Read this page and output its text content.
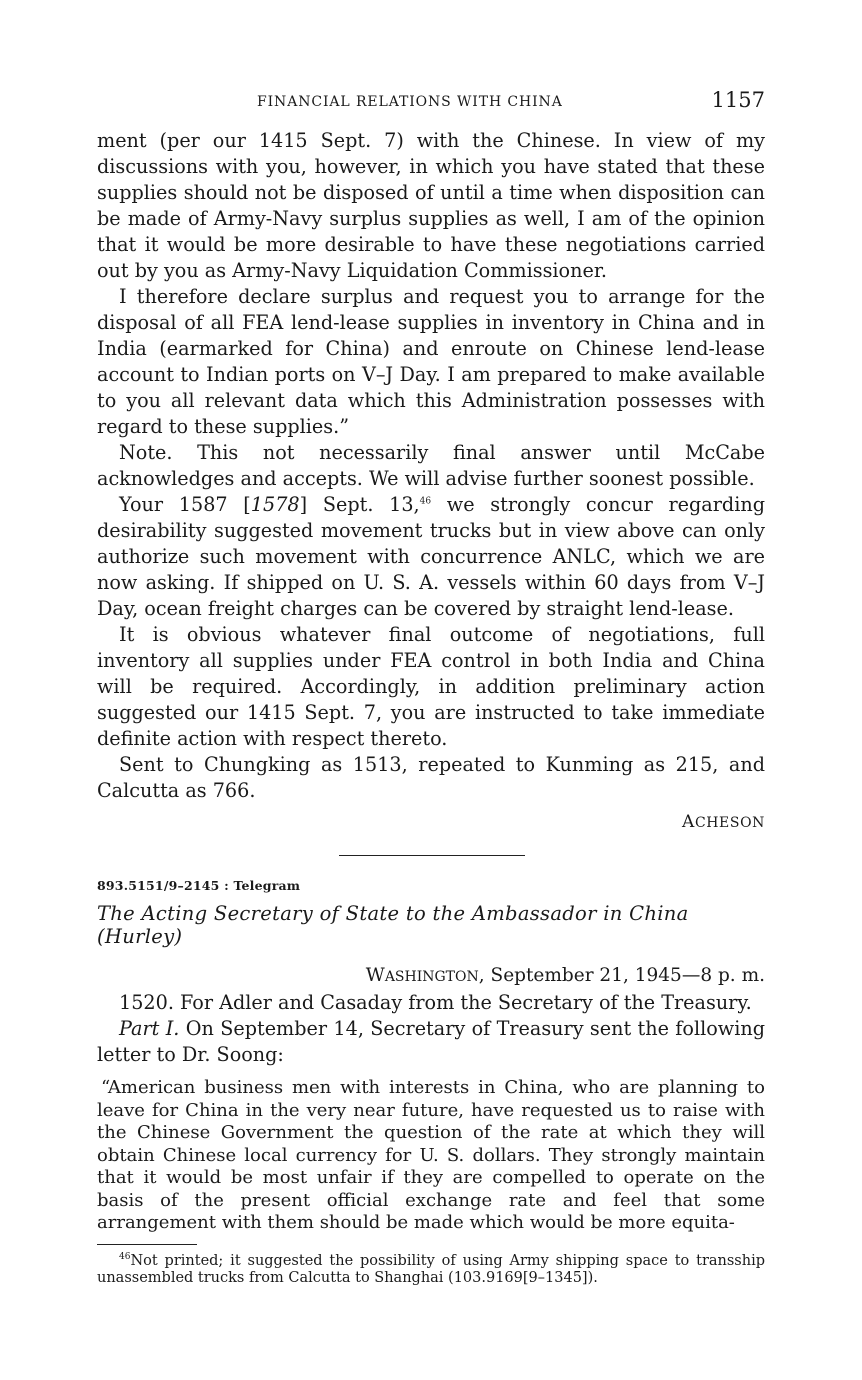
FINANCIAL RELATIONS WITH CHINA	1157

ment (per our 1415 Sept. 7) with the Chinese. In view of my discussions with you, however, in which you have stated that these supplies should not be disposed of until a time when disposition can be made of Army-Navy surplus supplies as well, I am of the opinion that it would be more desirable to have these negotiations carried out by you as Army-Navy Liquidation Commissioner.

I therefore declare surplus and request you to arrange for the disposal of all FEA lend-lease supplies in inventory in China and in India (earmarked for China) and enroute on Chinese lend-lease account to Indian ports on V–J Day. I am prepared to make available to you all relevant data which this Administration possesses with regard to these supplies.”

Note. This not necessarily final answer until McCabe acknowledges and accepts. We will advise further soonest possible.

Your 1587 [1578] Sept. 13,46 we strongly concur regarding desirability suggested movement trucks but in view above can only authorize such movement with concurrence ANLC, which we are now asking. If shipped on U. S. A. vessels within 60 days from V–J Day, ocean freight charges can be covered by straight lend-lease.

It is obvious whatever final outcome of negotiations, full inventory all supplies under FEA control in both India and China will be required. Accordingly, in addition preliminary action suggested our 1415 Sept. 7, you are instructed to take immediate definite action with respect thereto.

Sent to Chungking as 1513, repeated to Kunming as 215, and Calcutta as 766.

ACHESON
893.5151/9–2145 : Telegram
The Acting Secretary of State to the Ambassador in China (Hurley)
WASHINGTON, September 21, 1945—8 p. m.

1520. For Adler and Casaday from the Secretary of the Treasury.

Part I. On September 14, Secretary of Treasury sent the following letter to Dr. Soong:

“American business men with interests in China, who are planning to leave for China in the very near future, have requested us to raise with the Chinese Government the question of the rate at which they will obtain Chinese local currency for U. S. dollars. They strongly maintain that it would be most unfair if they are compelled to operate on the basis of the present official exchange rate and feel that some arrangement with them should be made which would be more equita-

$^{46}$Not printed; it suggested the possibility of using Army shipping space to transship unassembled trucks from Calcutta to Shanghai (103.9169[9–1345]).
